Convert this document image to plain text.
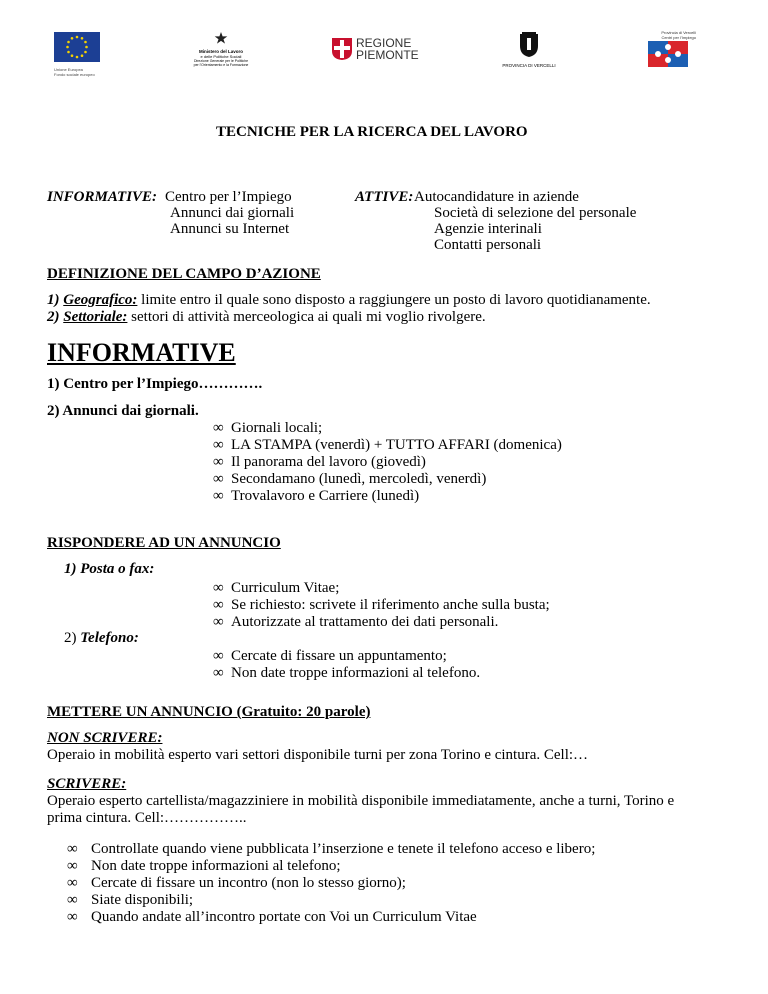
Unione Europea
Fondo sociale europeo
Ministero del Lavoro
e delle Politiche Sociali
Direzione Generale per le Politiche
per l'Orientamento e la Formazione
REGIONE
PIEMONTE
PROVINCIA DI VERCELLI
Provincia di Vercelli
Centri per l'Impiego
TECNICHE PER LA RICERCA DEL LAVORO
INFORMATIVE: Centro per l’Impiego
Annunci dai giornali
Annunci su Internet
ATTIVE: Autocandidature in aziende
Società di selezione del personale
Agenzie interinali
Contatti personali
DEFINIZIONE DEL CAMPO D’AZIONE
1) Geografico: limite entro il quale sono disposto a raggiungere un posto di lavoro quotidianamente.
2) Settoriale: settori di attività merceologica ai quali mi voglio rivolgere.
INFORMATIVE
1) Centro per l’Impiego………….
2) Annunci dai giornali.
∞ Giornali locali;
∞ LA STAMPA (venerdì) + TUTTO AFFARI (domenica)
∞ Il panorama del lavoro (giovedì)
∞ Secondamano (lunedì, mercoledì, venerdì)
∞ Trovalavoro e Carriere (lunedì)
RISPONDERE AD UN ANNUNCIO
1) Posta o fax:
∞ Curriculum Vitae;
∞ Se richiesto: scrivete il riferimento anche sulla busta;
∞ Autorizzate al trattamento dei dati personali.
2) Telefono:
∞ Cercate di fissare un appuntamento;
∞ Non date troppe informazioni al telefono.
METTERE UN ANNUNCIO (Gratuito: 20 parole)
NON SCRIVERE:
Operaio in mobilità esperto vari settori disponibile turni per zona Torino e cintura. Cell:…
SCRIVERE:
Operaio esperto cartellista/magazziniere in mobilità disponibile immediatamente, anche a turni, Torino e
prima cintura. Cell:……………..
∞ Controllate quando viene pubblicata l’inserzione e tenete il telefono acceso e libero;
∞ Non date troppe informazioni al telefono;
∞ Cercate di fissare un incontro (non lo stesso giorno);
∞ Siate disponibili;
∞ Quando andate all’incontro portate con Voi un Curriculum Vitae
